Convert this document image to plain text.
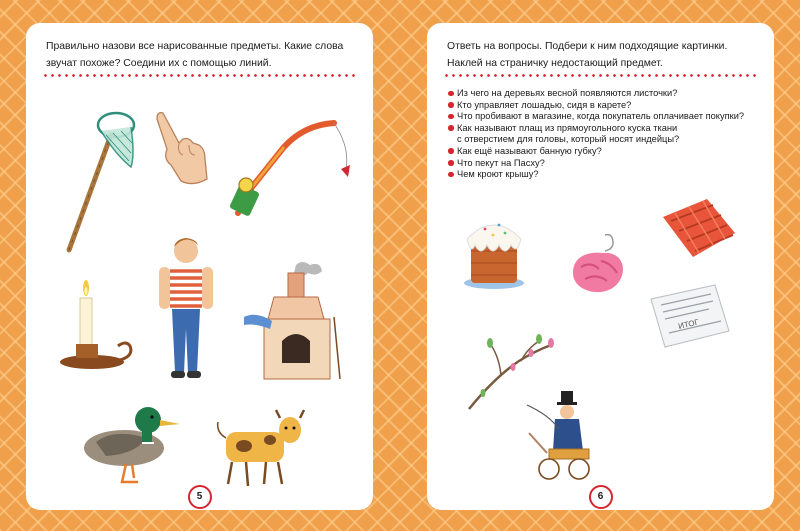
Правильно назови все нарисованные предметы. Какие слова
звучат похоже? Соедини их с помощью линий.
5
Ответь на вопросы. Подбери к ним подходящие картинки.
Наклей на страничку недостающий предмет.
Из чего на деревьях весной появляются листочки?
Кто управляет лошадью, сидя в карете?
Что пробивают в магазине, когда покупатель оплачивает покупки?
Как называют плащ из прямоугольного куска ткани
с отверстием для головы, который носят индейцы?
Как ещё называют банную губку?
Что пекут на Пасху?
Чем кроют крышу?
ИТОГ
6
